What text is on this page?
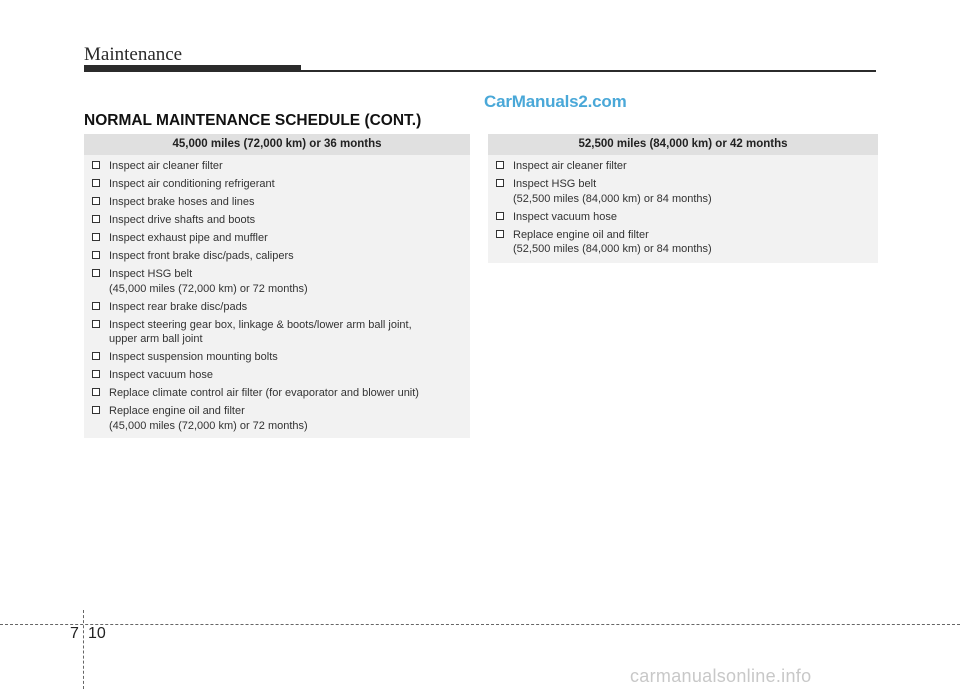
Maintenance
CarManuals2.com
NORMAL MAINTENANCE SCHEDULE (CONT.)
45,000 miles (72,000 km) or 36 months
Inspect air cleaner filter
Inspect air conditioning refrigerant
Inspect brake hoses and lines
Inspect drive shafts and boots
Inspect exhaust pipe and muffler
Inspect front brake disc/pads, calipers
Inspect HSG belt
(45,000 miles (72,000 km) or 72 months)
Inspect rear brake disc/pads
Inspect steering gear box, linkage & boots/lower arm ball joint,
upper arm ball joint
Inspect suspension mounting bolts
Inspect vacuum hose
Replace climate control air filter (for evaporator and blower unit)
Replace engine oil and filter
(45,000 miles (72,000 km) or 72 months)
52,500 miles (84,000 km) or 42 months
Inspect air cleaner filter
Inspect HSG belt
(52,500 miles (84,000 km) or 84 months)
Inspect vacuum hose
Replace engine oil and filter
(52,500 miles (84,000 km) or 84 months)
7 10
carmanualsonline.info
